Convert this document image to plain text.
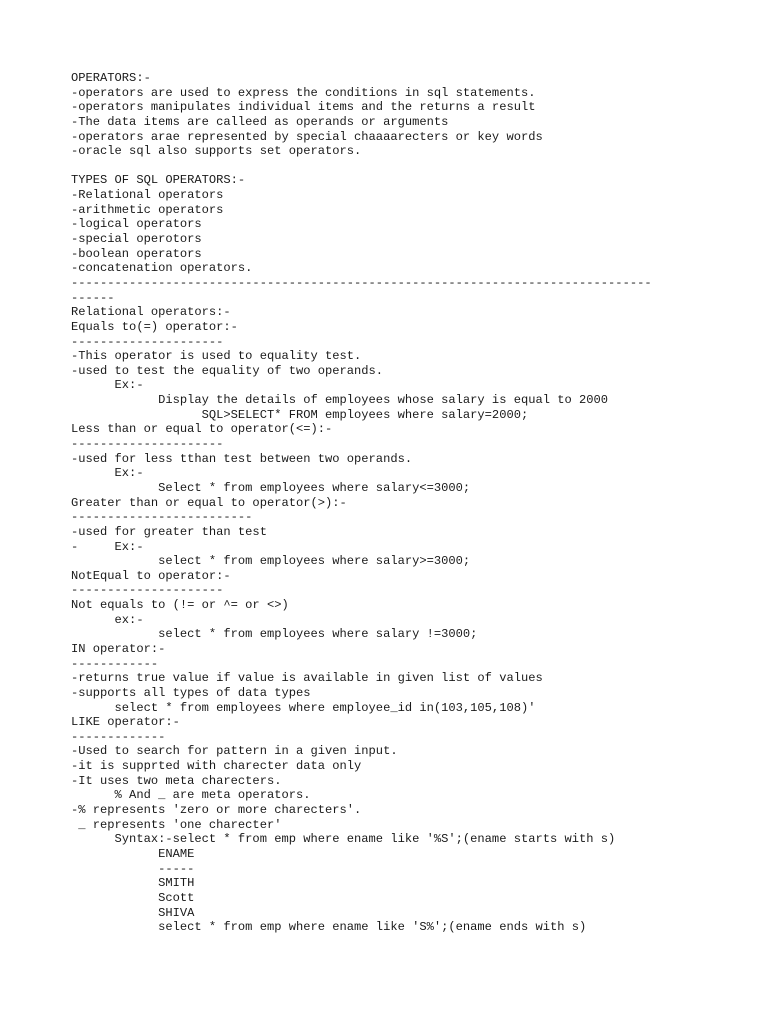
OPERATORS:-
-operators are used to express the conditions in sql statements.
-operators manipulates individual items and the returns a result
-The data items are calleed as operands or arguments
-operators arae represented by special chaaaarecters or key words
-oracle sql also supports set operators.
TYPES OF SQL OPERATORS:-
-Relational operators
-arithmetic operators
-logical operators
-special operotors
-boolean operators
-concatenation operators.
--------------------------------------------------------------------------------
------
Relational operators:-
Equals to(=) operator:-
---------------------
-This operator is used to equality test.
-used to test the equality of two operands.
Ex:-
Display the details of employees whose salary is equal to 2000
SQL>SELECT* FROM employees where salary=2000;
Less than or equal to operator(<=):-
---------------------
-used for less tthan test between two operands.
Ex:-
Select * from employees where salary<=3000;
Greater than or equal to operator(>):-
-------------------------
-used for greater than test
-     Ex:-
select * from employees where salary>=3000;
NotEqual to operator:-
---------------------
Not equals to (!= or ^= or <>)
ex:-
select * from employees where salary !=3000;
IN operator:-
------------
-returns true value if value is available in given list of values
-supports all types of data types
select * from employees where employee_id in(103,105,108)'
LIKE operator:-
-------------
-Used to search for pattern in a given input.
-it is supprted with charecter data only
-It uses two meta charecters.
% And _ are meta operators.
-% represents 'zero or more charecters'.
_ represents 'one charecter'
Syntax:-select * from emp where ename like '%S';(ename starts with s)
ENAME
-----
SMITH
Scott
SHIVA
select * from emp where ename like 'S%';(ename ends with s)
